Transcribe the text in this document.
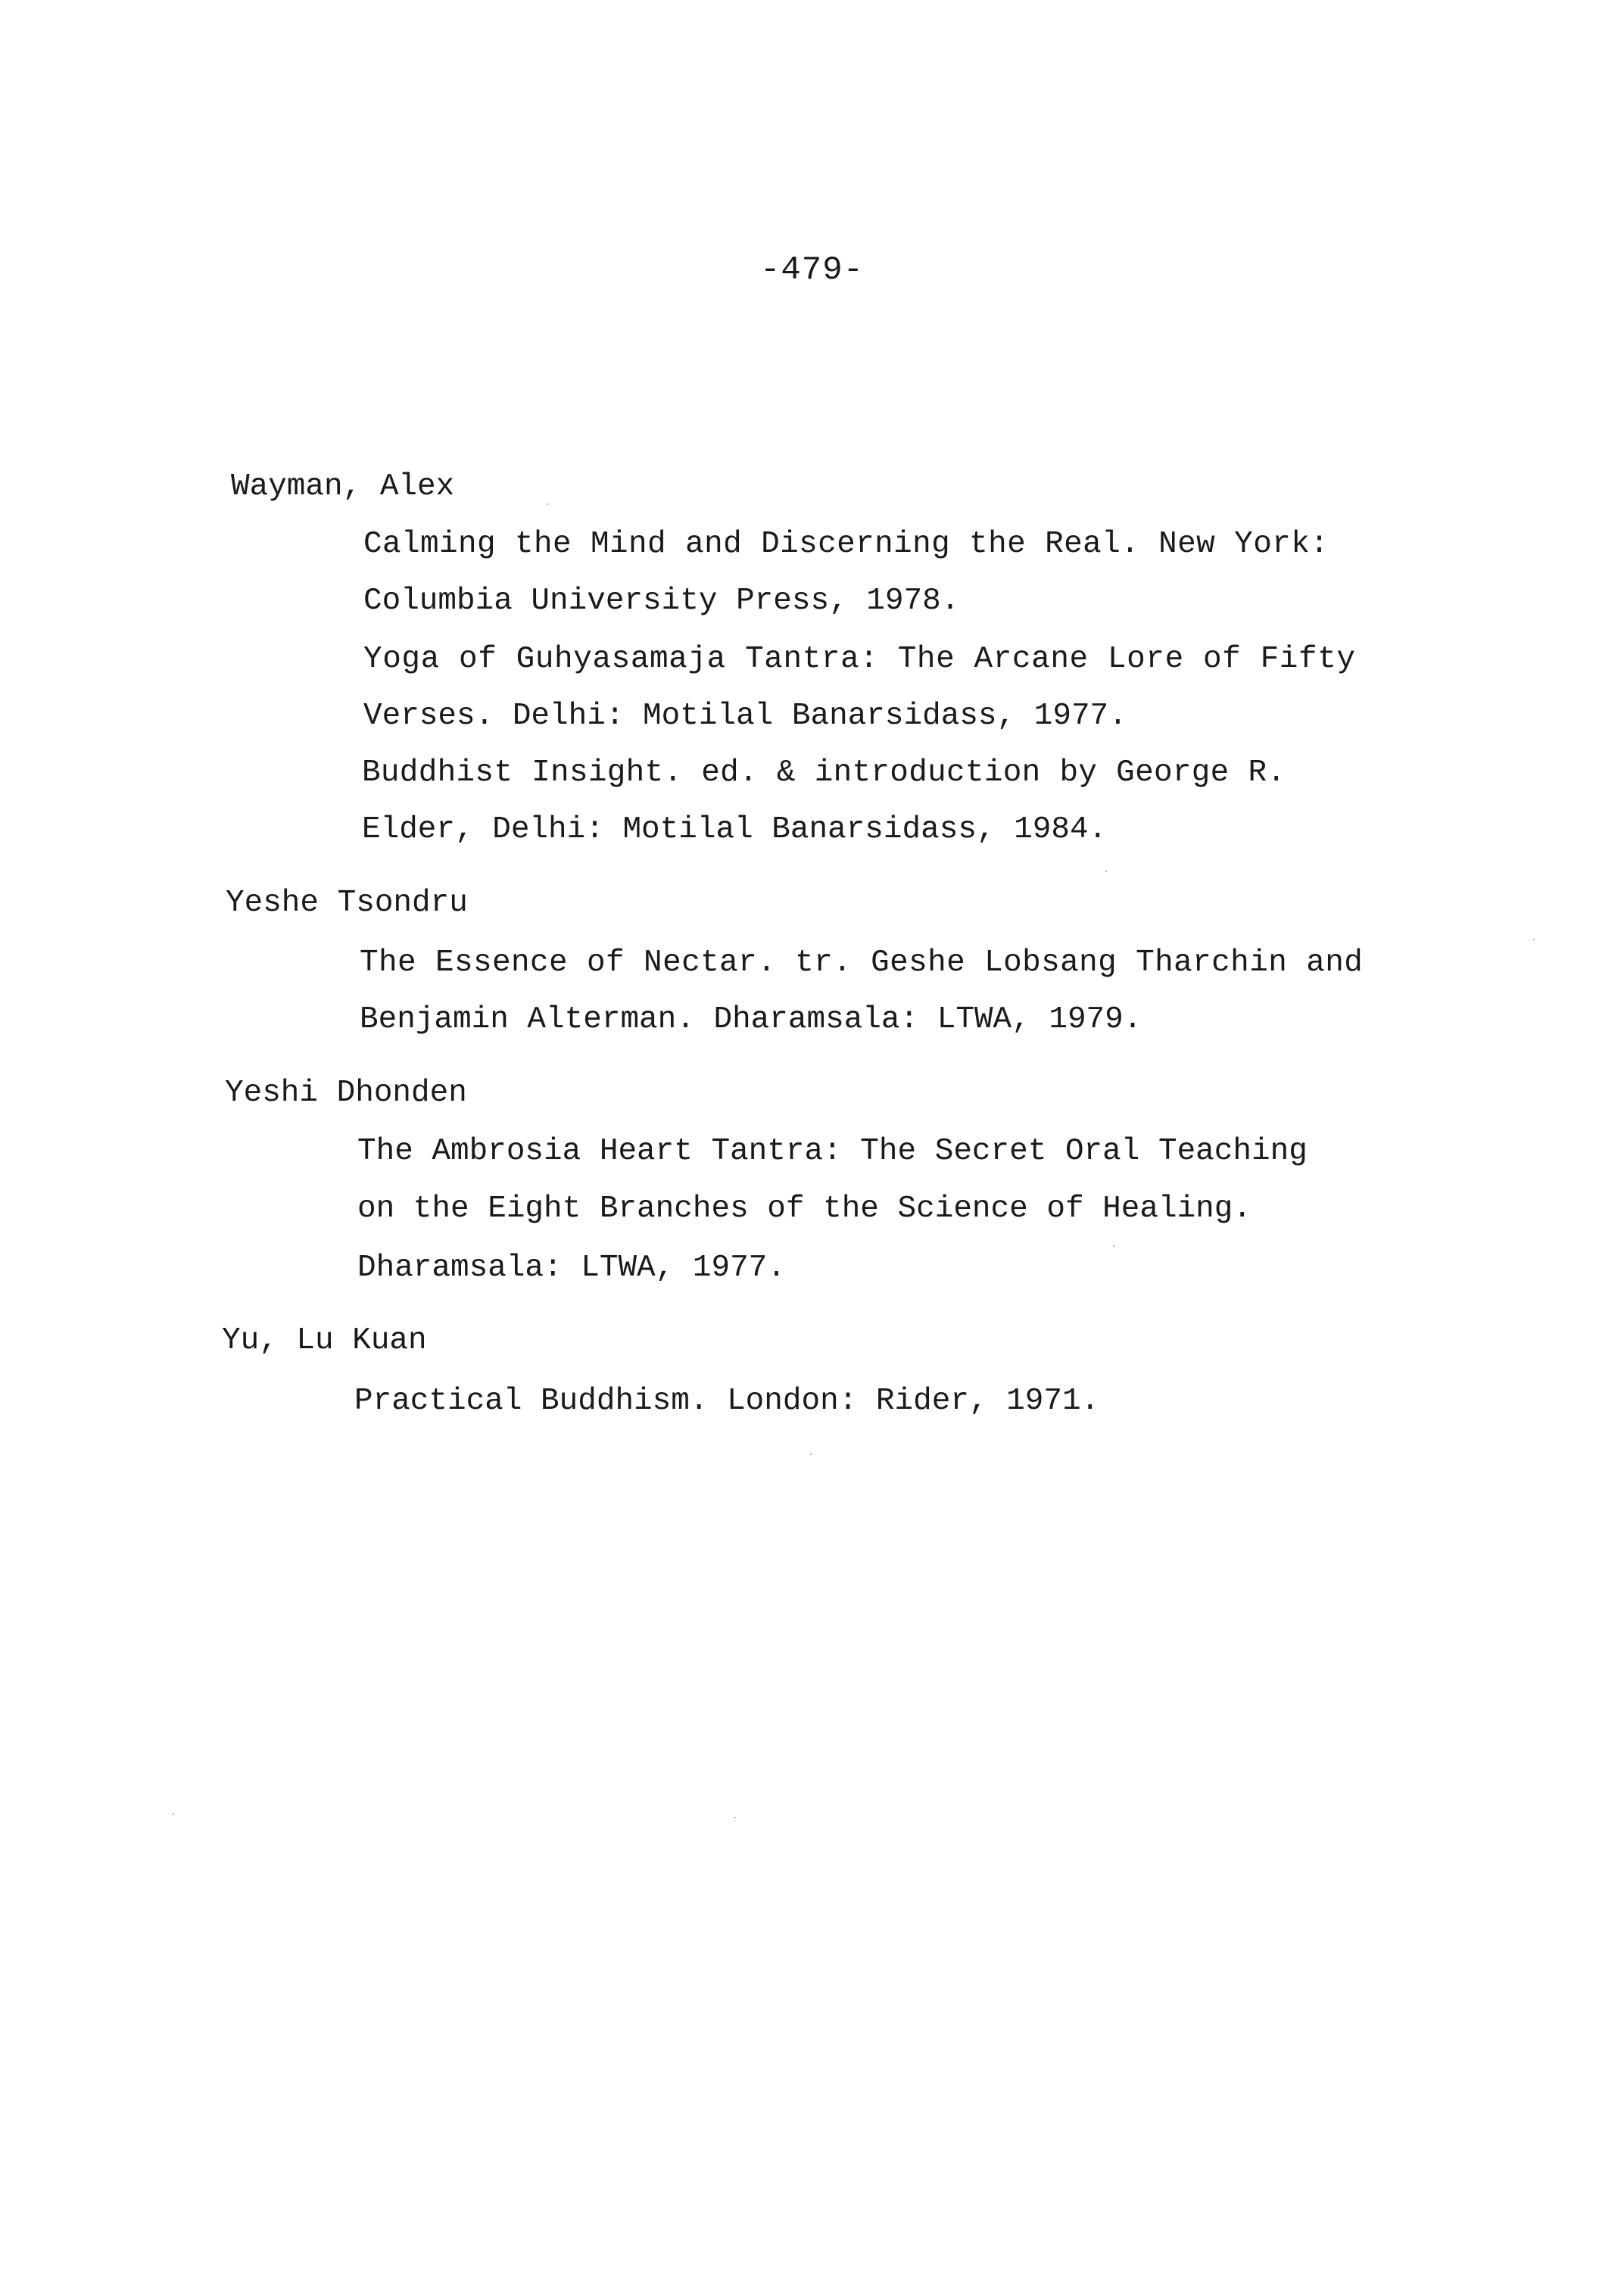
-479-
Wayman, Alex
Calming the Mind and Discerning the Real. New York:
Columbia University Press, 1978.
Yoga of Guhyasamaja Tantra: The Arcane Lore of Fifty
Verses. Delhi: Motilal Banarsidass, 1977.
Buddhist Insight. ed. & introduction by George R.
Elder, Delhi: Motilal Banarsidass, 1984.
Yeshe Tsondru
The Essence of Nectar. tr. Geshe Lobsang Tharchin and
Benjamin Alterman. Dharamsala: LTWA, 1979.
Yeshi Dhonden
The Ambrosia Heart Tantra: The Secret Oral Teaching
on the Eight Branches of the Science of Healing.
Dharamsala: LTWA, 1977.
Yu, Lu Kuan
Practical Buddhism. London: Rider, 1971.
